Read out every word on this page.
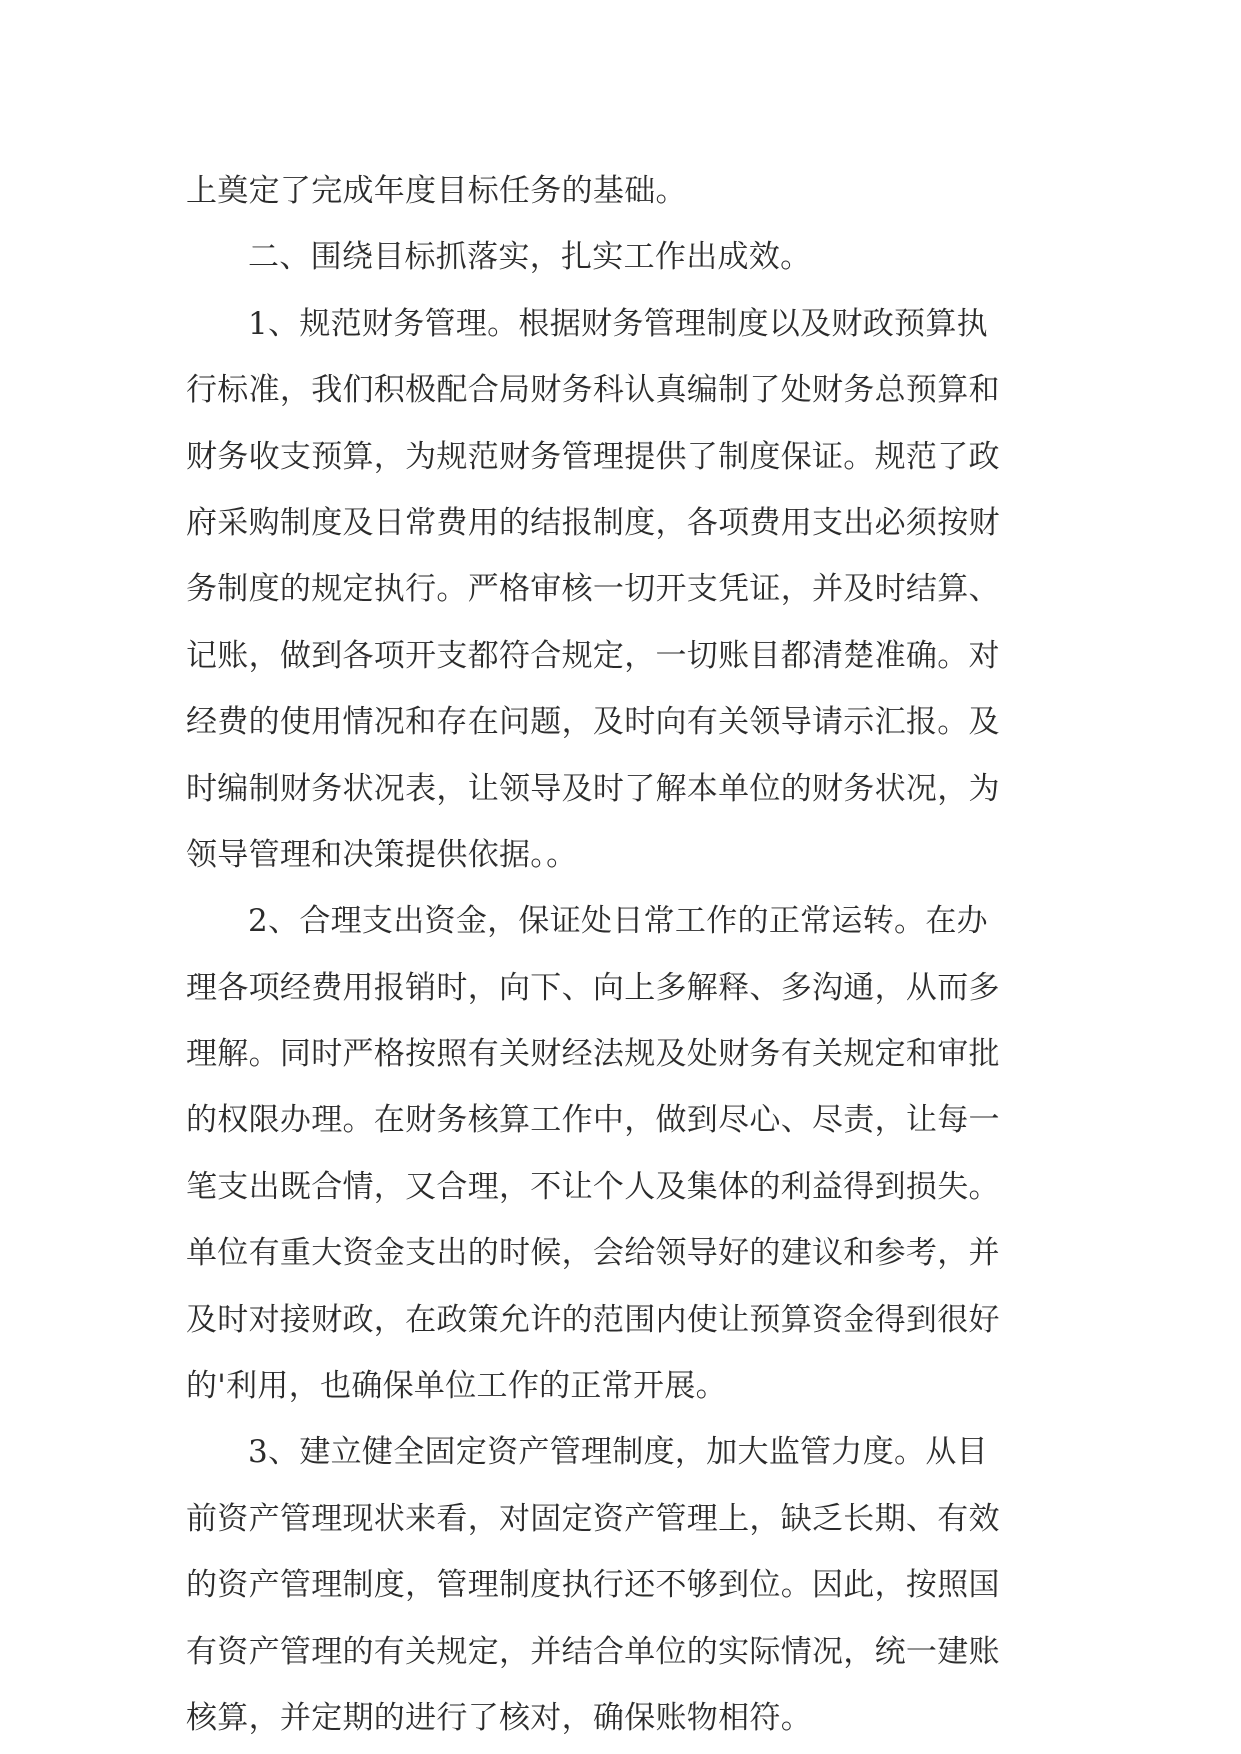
上奠定了完成年度目标任务的基础。
二、围绕目标抓落实，扎实工作出成效。
1、规范财务管理。根据财务管理制度以及财政预算执
行标准，我们积极配合局财务科认真编制了处财务总预算和
财务收支预算，为规范财务管理提供了制度保证。规范了政
府采购制度及日常费用的结报制度，各项费用支出必须按财
务制度的规定执行。严格审核一切开支凭证，并及时结算、
记账，做到各项开支都符合规定，一切账目都清楚准确。对
经费的使用情况和存在问题，及时向有关领导请示汇报。及
时编制财务状况表，让领导及时了解本单位的财务状况，为
领导管理和决策提供依据。。
2、合理支出资金，保证处日常工作的正常运转。在办
理各项经费用报销时，向下、向上多解释、多沟通，从而多
理解。同时严格按照有关财经法规及处财务有关规定和审批
的权限办理。在财务核算工作中，做到尽心、尽责，让每一
笔支出既合情，又合理，不让个人及集体的利益得到损失。
单位有重大资金支出的时候，会给领导好的建议和参考，并
及时对接财政，在政策允许的范围内使让预算资金得到很好
的'利用，也确保单位工作的正常开展。
3、建立健全固定资产管理制度，加大监管力度。从目
前资产管理现状来看，对固定资产管理上，缺乏长期、有效
的资产管理制度，管理制度执行还不够到位。因此，按照国
有资产管理的有关规定，并结合单位的实际情况，统一建账
核算，并定期的进行了核对，确保账物相符。
